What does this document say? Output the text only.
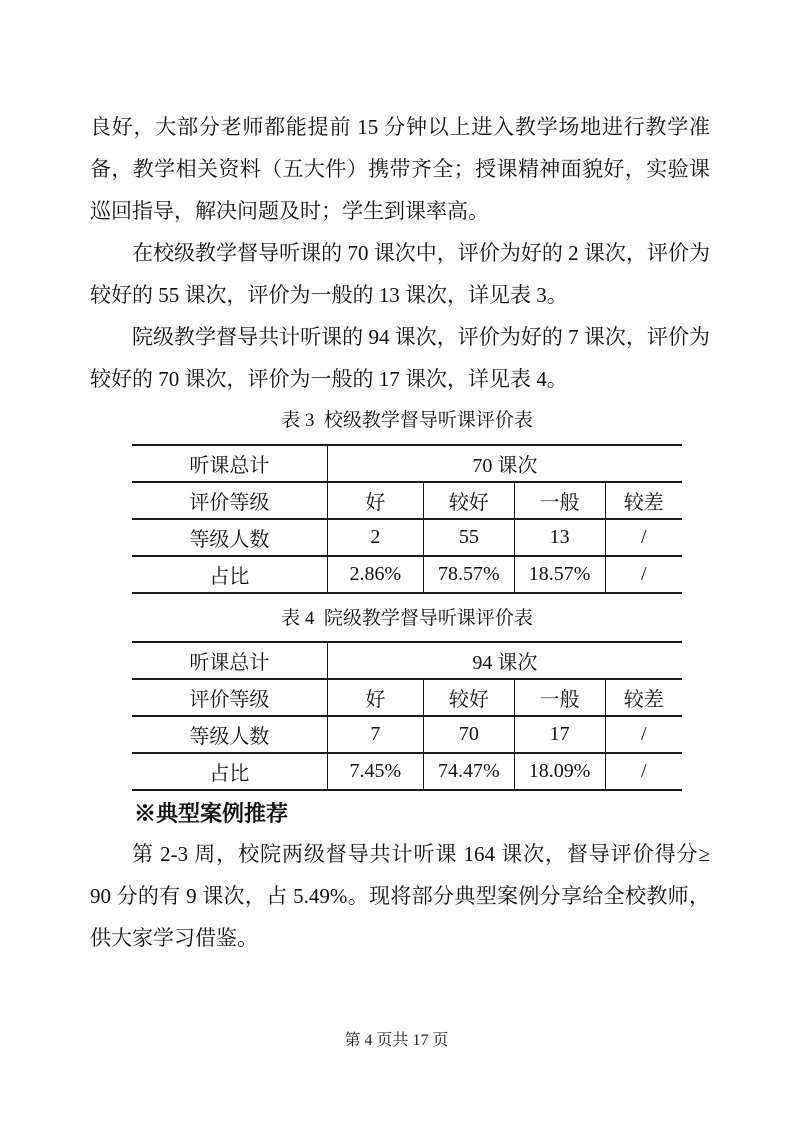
良好，大部分老师都能提前 15 分钟以上进入教学场地进行教学准备，教学相关资料（五大件）携带齐全；授课精神面貌好，实验课巡回指导，解决问题及时；学生到课率高。

在校级教学督导听课的 70 课次中，评价为好的 2 课次，评价为较好的 55 课次，评价为一般的 13 课次，详见表 3。

院级教学督导共计听课的 94 课次，评价为好的 7 课次，评价为较好的 70 课次，评价为一般的 17 课次，详见表 4。

表 3  校级教学督导听课评价表
听课总计	70 课次			
评价等级	好	较好	一般	较差
等级人数	2	55	13	/
占比	2.86%	78.57%	18.57%	/
表 4  院级教学督导听课评价表
听课总计	94 课次			
评价等级	好	较好	一般	较差
等级人数	7	70	17	/
占比	7.45%	74.47%	18.09%	/
※典型案例推荐

第 2-3 周，校院两级督导共计听课 164 课次，督导评价得分≥ 90 分的有 9 课次，占 5.49%。现将部分典型案例分享给全校教师，供大家学习借鉴。

第 4 页共 17 页
